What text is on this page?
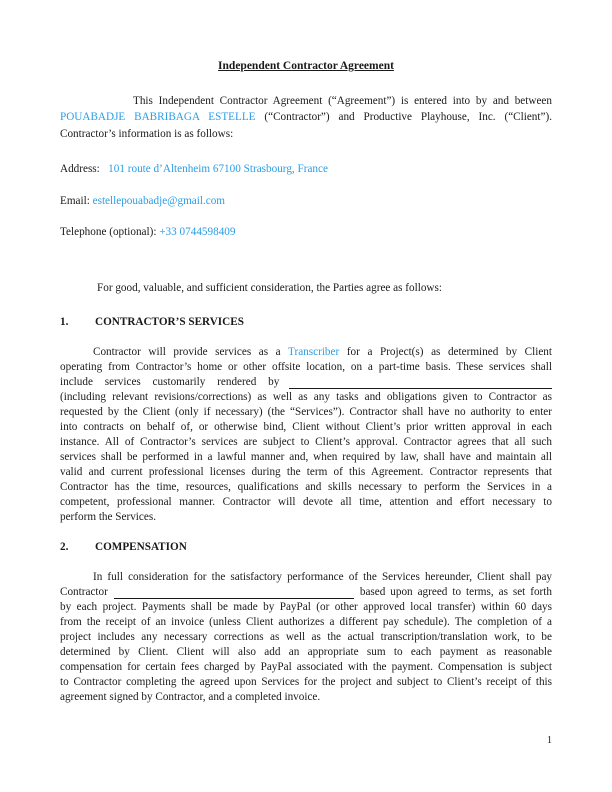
Independent Contractor Agreement
This Independent Contractor Agreement (“Agreement”) is entered into by and between
POUABADJE BABRIBAGA ESTELLE (“Contractor”) and Productive Playhouse, Inc. (“Client”).
Contractor’s information is as follows:
Address: 101 route d’Altenheim 67100 Strasbourg, France
Email: estellepouabadje@gmail.com
Telephone (optional): +33 0744598409
For good, valuable, and sufficient consideration, the Parties agree as follows:
1. CONTRACTOR’S SERVICES
Contractor will provide services as a Transcriber for a Project(s) as determined by Client
operating from Contractor’s home or other offsite location, on a part-time basis. These services shall
include services customarily rendered by
(including relevant revisions/corrections) as well as any tasks and obligations given to Contractor as
requested by the Client (only if necessary) (the “Services”). Contractor shall have no authority to enter
into contracts on behalf of, or otherwise bind, Client without Client’s prior written approval in each
instance. All of Contractor’s services are subject to Client’s approval. Contractor agrees that all such
services shall be performed in a lawful manner and, when required by law, shall have and maintain all
valid and current professional licenses during the term of this Agreement. Contractor represents that
Contractor has the time, resources, qualifications and skills necessary to perform the Services in a
competent, professional manner. Contractor will devote all time, attention and effort necessary to
perform the Services.
2. COMPENSATION
In full consideration for the satisfactory performance of the Services hereunder, Client shall pay
Contractor	based upon agreed to terms, as set forth
by each project. Payments shall be made by PayPal (or other approved local transfer) within 60 days
from the receipt of an invoice (unless Client authorizes a different pay schedule). The completion of a
project includes any necessary corrections as well as the actual transcription/translation work, to be
determined by Client. Client will also add an appropriate sum to each payment as reasonable
compensation for certain fees charged by PayPal associated with the payment. Compensation is subject
to Contractor completing the agreed upon Services for the project and subject to Client’s receipt of this
agreement signed by Contractor, and a completed invoice.
1
